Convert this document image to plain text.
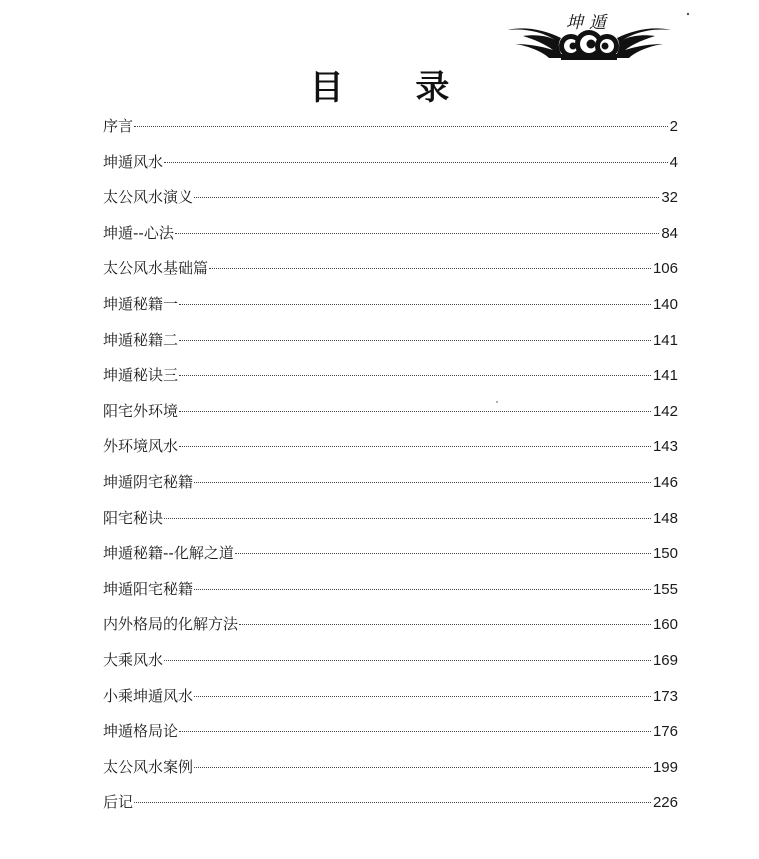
坤遁
目 录
序言	2
坤遁风水	4
太公风水演义	32
坤遁--心法	84
太公风水基础篇	106
坤遁秘籍一	140
坤遁秘籍二	141
坤遁秘诀三	141
阳宅外环境	142
外环境风水	143
坤遁阴宅秘籍	146
阳宅秘诀	148
坤遁秘籍--化解之道	150
坤遁阳宅秘籍	155
内外格局的化解方法	160
大乘风水	169
小乘坤遁风水	173
坤遁格局论	176
太公风水案例	199
后记	226
